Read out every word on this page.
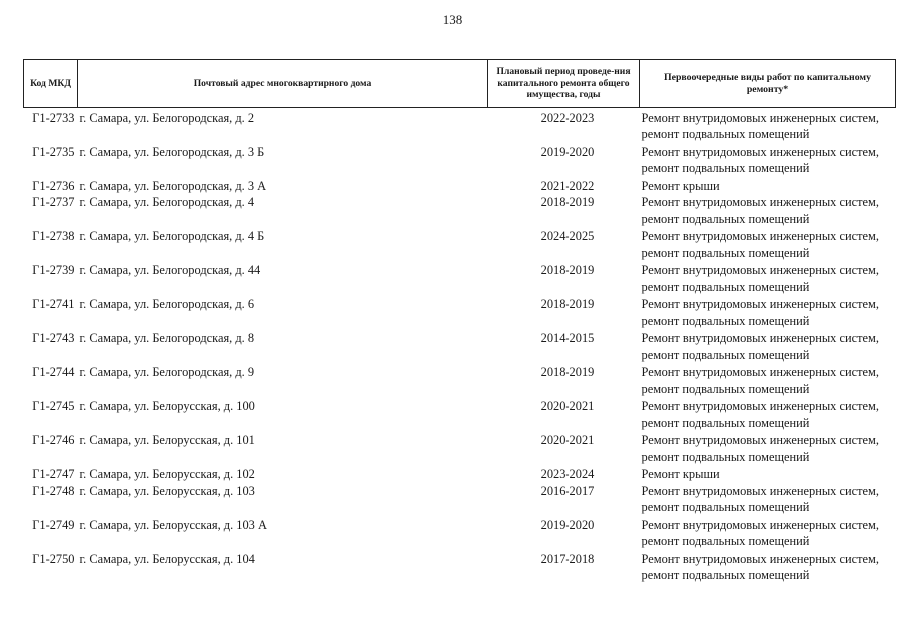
138
Код МКД	Почтовый адрес многоквартирного дома	Плановый период проведе-ния капитального ремонта общего имущества, годы	Первоочередные виды работ по капитальному ремонту*
Г1-2733	г. Самара, ул. Белогородская, д. 2	2022-2023	Ремонт внутридомовых инженерных систем,
ремонт подвальных помещений

Г1-2735	г. Самара, ул. Белогородская, д. 3 Б	2019-2020	Ремонт внутридомовых инженерных систем,
ремонт подвальных помещений

Г1-2736	г. Самара, ул. Белогородская, д. 3 А	2021-2022	Ремонт крыши

Г1-2737	г. Самара, ул. Белогородская, д. 4	2018-2019	Ремонт внутридомовых инженерных систем,
ремонт подвальных помещений

Г1-2738	г. Самара, ул. Белогородская, д. 4 Б	2024-2025	Ремонт внутридомовых инженерных систем,
ремонт подвальных помещений

Г1-2739	г. Самара, ул. Белогородская, д. 44	2018-2019	Ремонт внутридомовых инженерных систем,
ремонт подвальных помещений

Г1-2741	г. Самара, ул. Белогородская, д. 6	2018-2019	Ремонт внутридомовых инженерных систем,
ремонт подвальных помещений

Г1-2743	г. Самара, ул. Белогородская, д. 8	2014-2015	Ремонт внутридомовых инженерных систем,
ремонт подвальных помещений

Г1-2744	г. Самара, ул. Белогородская, д. 9	2018-2019	Ремонт внутридомовых инженерных систем,
ремонт подвальных помещений

Г1-2745	г. Самара, ул. Белорусская, д. 100	2020-2021	Ремонт внутридомовых инженерных систем,
ремонт подвальных помещений

Г1-2746	г. Самара, ул. Белорусская, д. 101	2020-2021	Ремонт внутридомовых инженерных систем,
ремонт подвальных помещений

Г1-2747	г. Самара, ул. Белорусская, д. 102	2023-2024	Ремонт крыши

Г1-2748	г. Самара, ул. Белорусская, д. 103	2016-2017	Ремонт внутридомовых инженерных систем,
ремонт подвальных помещений

Г1-2749	г. Самара, ул. Белорусская, д. 103 А	2019-2020	Ремонт внутридомовых инженерных систем,
ремонт подвальных помещений

Г1-2750	г. Самара, ул. Белорусская, д. 104	2017-2018	Ремонт внутридомовых инженерных систем,
ремонт подвальных помещений
